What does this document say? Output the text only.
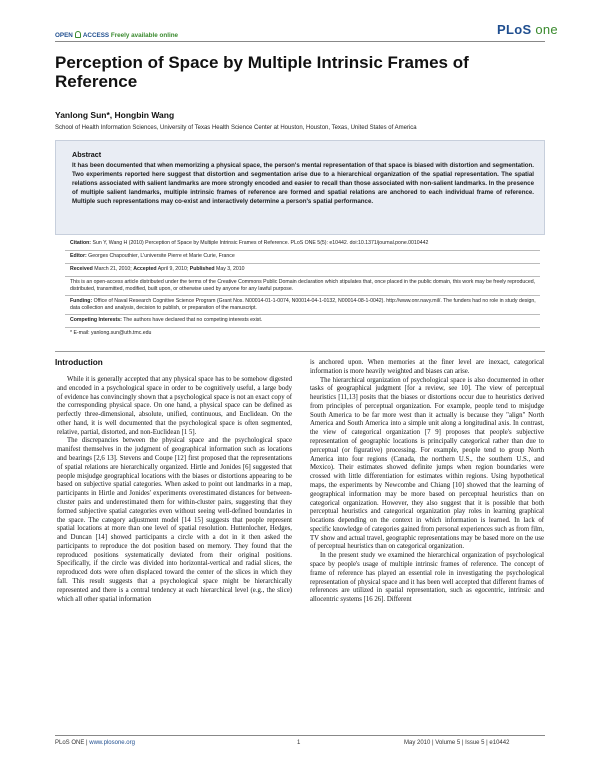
OPEN ACCESS Freely available online	PLoS one
Perception of Space by Multiple Intrinsic Frames of Reference
Yanlong Sun*, Hongbin Wang
School of Health Information Sciences, University of Texas Health Science Center at Houston, Houston, Texas, United States of America
Abstract
It has been documented that when memorizing a physical space, the person's mental representation of that space is biased with distortion and segmentation. Two experiments reported here suggest that distortion and segmentation arise due to a hierarchical organization of the spatial representation. The spatial relations associated with salient landmarks are more strongly encoded and easier to recall than those associated with non-salient landmarks. In the presence of multiple salient landmarks, multiple intrinsic frames of reference are formed and spatial relations are anchored to each individual frame of reference. Multiple such representations may co-exist and interactively determine a person's spatial performance.
Citation: Sun Y, Wang H (2010) Perception of Space by Multiple Intrinsic Frames of Reference. PLoS ONE 5(5): e10442. doi:10.1371/journal.pone.0010442
Editor: Georges Chapouthier, L'universite Pierre et Marie Curie, France
Received March 21, 2010; Accepted April 9, 2010; Published May 3, 2010
This is an open-access article distributed under the terms of the Creative Commons Public Domain declaration which stipulates that, once placed in the public domain, this work may be freely reproduced, distributed, transmitted, modified, built upon, or otherwise used by anyone for any lawful purpose.
Funding: Office of Naval Research Cognitive Science Program (Grant Nos. N00014-01-1-0074, N00014-04-1-0132, N00014-08-1-0042). http://www.onr.navy.mil/. The funders had no role in study design, data collection and analysis, decision to publish, or preparation of the manuscript.
Competing Interests: The authors have declared that no competing interests exist.
* E-mail: yanlong.sun@uth.tmc.edu
Introduction

While it is generally accepted that any physical space has to be somehow digested and encoded in a psychological space in order to be cognitively useful, a large body of evidence has convincingly shown that a psychological space is not an exact copy of the corresponding physical space. On one hand, a physical space can be defined as perfectly three-dimensional, absolute, unified, continuous, and Euclidean. On the other hand, it is well documented that the psychological space is often segmented, relative, partial, distorted, and non-Euclidean [1 5].

The discrepancies between the physical space and the psychological space manifest themselves in the judgment of geographical information such as locations and bearings [2,6 13]. Stevens and Coupe [12] first proposed that the representations of spatial relations are hierarchically organized. Hirtle and Jonides [6] suggested that people misjudge geographical locations with the biases or distortions appearing to be based on subjective spatial categories. When asked to point out landmarks in a map, participants in Hirtle and Jonides' experiments overestimated distances for between-cluster pairs and underestimated them for within-cluster pairs, suggesting that they formed subjective spatial categories even without seeing well-defined boundaries in the space. The category adjustment model [14 15] suggests that people represent spatial locations at more than one level of spatial resolution. Huttenlocher, Hedges, and Duncan [14] showed participants a circle with a dot in it then asked the participants to reproduce the dot position based on memory. They found that the reproduced positions systematically deviated from their original positions. Specifically, if the circle was divided into horizontal-vertical and radial slices, the reproduced dots were often displaced toward the center of the slices in which they fall. This result suggests that a psychological space might be hierarchically represented and there is a central tendency at each hierarchical level (e.g., the slice) which all other spatial information

is anchored upon. When memories at the finer level are inexact, categorical information is more heavily weighted and biases can arise.

The hierarchical organization of psychological space is also documented in other tasks of geographical judgment [for a review, see 10]. The view of perceptual heuristics [11,13] posits that the biases or distortions occur due to heuristics derived from principles of perceptual organization. For example, people tend to misjudge South America to be far more west than it actually is because they "align" North America and South America into a simple unit along a longitudinal axis. In contrast, the view of categorical organization [7 9] proposes that people's subjective representation of geographic locations is principally categorical rather than due to perceptual (or figurative) processing. For example, people tend to group North America into four regions (Canada, the northern U.S., the southern U.S., and Mexico). Their estimates showed definite jumps when region boundaries were crossed with little differentiation for estimates within regions. Using hypothetical maps, the experiments by Newcombe and Chiang [10] showed that the learning of geographical information may be more based on perceptual heuristics than on categorical organization. However, they also suggest that it is possible that both perceptual heuristics and categorical organization play roles in learning graphical locations depending on the context in which information is learned. In lack of specific knowledge of categories gained from personal experiences such as from film, TV show and actual travel, geographic representations may be based more on the use of perceptual heuristics than on categorical organization.

In the present study we examined the hierarchical organization of psychological space by people's usage of multiple intrinsic frames of reference. The concept of frame of reference has played an essential role in investigating the psychological representation of physical space and it has been well accepted that different frames of references are utilized in spatial representation, such as egocentric, intrinsic and allocentric systems [16 26]. Different

PLoS ONE | www.plosone.org	1	May 2010 | Volume 5 | Issue 5 | e10442
